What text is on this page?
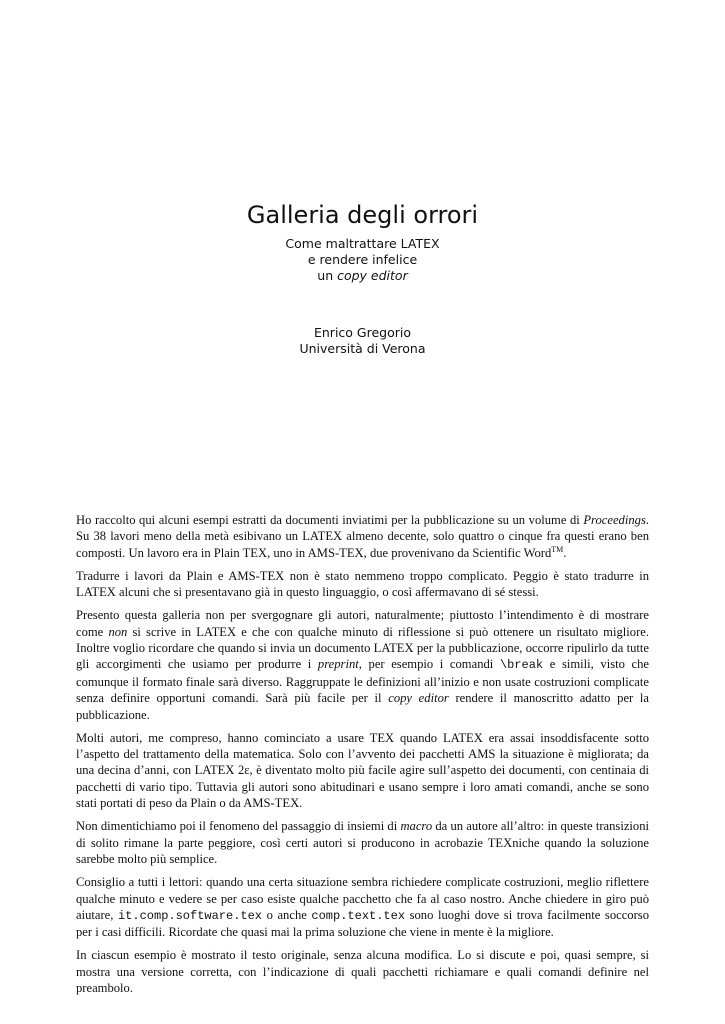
Galleria degli orrori
Come maltrattare LATEX
e rendere infelice
un copy editor
Enrico Gregorio
Università di Verona

Ho raccolto qui alcuni esempi estratti da documenti inviatimi per la pubblicazione su un volume di Proceedings. Su 38 lavori meno della metà esibivano un LATEX almeno decente, solo quattro o cinque fra questi erano ben composti. Un lavoro era in Plain TEX, uno in AMS-TEX, due provenivano da Scientific Word™.

Tradurre i lavori da Plain e AMS-TEX non è stato nemmeno troppo complicato. Peggio è stato tradurre in LATEX alcuni che si presentavano già in questo linguaggio, o così affermavano di sé stessi.

Presento questa galleria non per svergognare gli autori, naturalmente; piuttosto l’intendimento è di mostrare come non si scrive in LATEX e che con qualche minuto di riflessione si può ottenere un risultato migliore. Inoltre voglio ricordare che quando si invia un documento LATEX per la pubblicazione, occorre ripulirlo da tutte gli accorgimenti che usiamo per produrre i preprint, per esempio i comandi \break e simili, visto che comunque il formato finale sarà diverso. Raggruppate le definizioni all’inizio e non usate costruzioni complicate senza definire opportuni comandi. Sarà più facile per il copy editor rendere il manoscritto adatto per la pubblicazione.

Molti autori, me compreso, hanno cominciato a usare TEX quando LATEX era assai insoddisfacente sotto l’aspetto del trattamento della matematica. Solo con l’avvento dei pacchetti AMS la situazione è migliorata; da una decina d’anni, con LATEX 2ε, è diventato molto più facile agire sull’aspetto dei documenti, con centinaia di pacchetti di vario tipo. Tuttavia gli autori sono abitudinari e usano sempre i loro amati comandi, anche se sono stati portati di peso da Plain o da AMS-TEX.

Non dimentichiamo poi il fenomeno del passaggio di insiemi di macro da un autore all’altro: in queste transizioni di solito rimane la parte peggiore, così certi autori si producono in acrobazie TEXniche quando la soluzione sarebbe molto più semplice.

Consiglio a tutti i lettori: quando una certa situazione sembra richiedere complicate costruzioni, meglio riflettere qualche minuto e vedere se per caso esiste qualche pacchetto che fa al caso nostro. Anche chiedere in giro può aiutare, it.comp.software.tex o anche comp.text.tex sono luoghi dove si trova facilmente soccorso per i casi difficili. Ricordate che quasi mai la prima soluzione che viene in mente è la migliore.

In ciascun esempio è mostrato il testo originale, senza alcuna modifica. Lo si discute e poi, quasi sempre, si mostra una versione corretta, con l’indicazione di quali pacchetti richiamare e quali comandi definire nel preambolo.
